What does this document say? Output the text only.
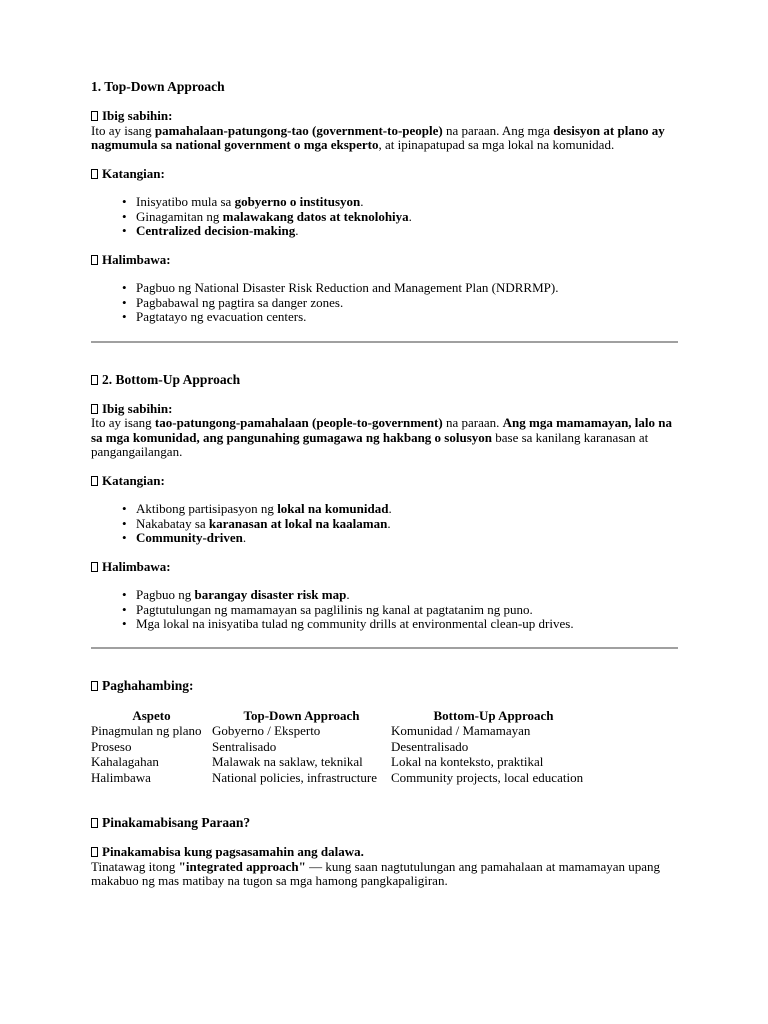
1. Top-Down Approach

Ibig sabihin:

Ito ay isang pamahalaan-patungong-tao (government-to-people) na paraan. Ang mga desisyon at plano ay nagmumula sa national government o mga eksperto, at ipinapatupad sa mga lokal na komunidad.

Katangian:

• Inisyatibo mula sa gobyerno o institusyon.
• Ginagamitan ng malawakang datos at teknolohiya.
• Centralized decision-making.

Halimbawa:

• Pagbuo ng National Disaster Risk Reduction and Management Plan (NDRRMP).
• Pagbabawal ng pagtira sa danger zones.
• Pagtatayo ng evacuation centers.
2. Bottom-Up Approach

Ibig sabihin:

Ito ay isang tao-patungong-pamahalaan (people-to-government) na paraan. Ang mga mamamayan, lalo na sa mga komunidad, ang pangunahing gumagawa ng hakbang o solusyon base sa kanilang karanasan at pangangailangan.

Katangian:

• Aktibong partisipasyon ng lokal na komunidad.
• Nakabatay sa karanasan at lokal na kaalaman.
• Community-driven.

Halimbawa:

• Pagbuo ng barangay disaster risk map.
• Pagtutulungan ng mamamayan sa paglilinis ng kanal at pagtatanim ng puno.
• Mga lokal na inisyatiba tulad ng community drills at environmental clean-up drives.
Paghahambing:
Aspeto	Top-Down Approach	Bottom-Up Approach
Pinagmulan ng plano	Gobyerno / Eksperto	Komunidad / Mamamayan
Proseso	Sentralisado	Desentralisado
Kahalagahan	Malawak na saklaw, teknikal	Lokal na konteksto, praktikal
Halimbawa	National policies, infrastructure	Community projects, local education
Pinakamabisang Paraan?

Pinakamabisa kung pagsasamahin ang dalawa.

Tinatawag itong "integrated approach" — kung saan nagtutulungan ang pamahalaan at mamamayan upang makabuo ng mas matibay na tugon sa mga hamong pangkapaligiran.
